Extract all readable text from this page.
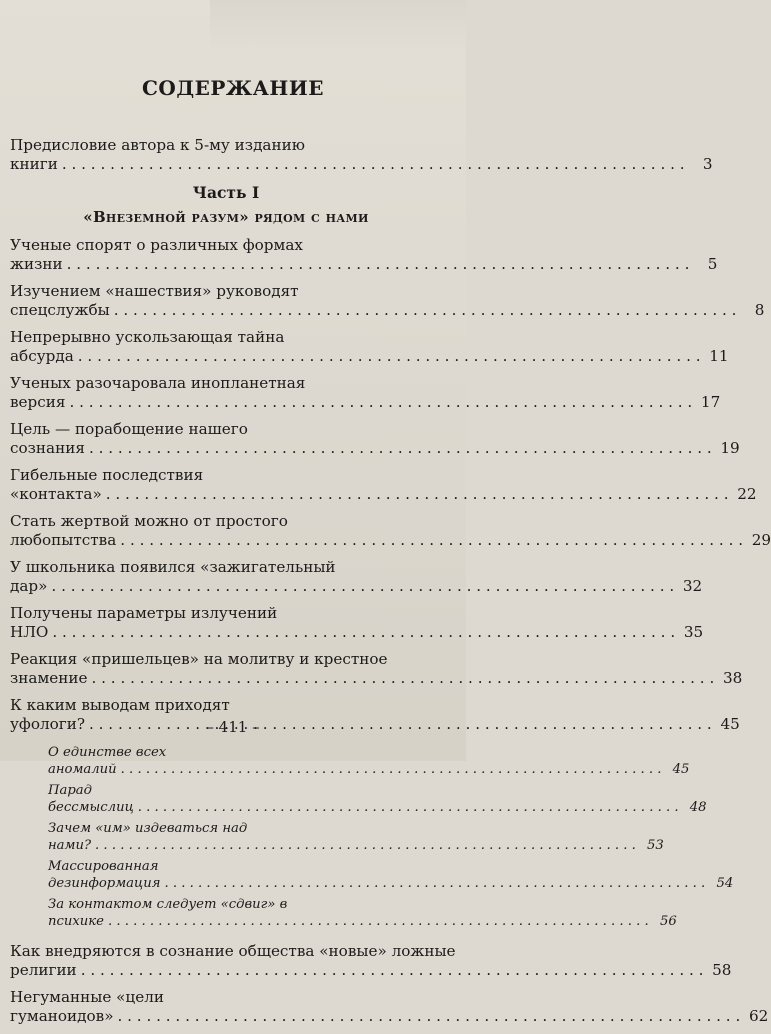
СОДЕРЖАНИЕ
Предисловие автора к 5-му изданию книги . . .	3
Часть I
«Внеземной разум» рядом с нами
Ученые спорят о различных формах жизни . . .	5
Изучением «нашествия» руководят спецслужбы . . .	8
Непрерывно ускользающая тайна абсурда . . .	11
Ученых разочаровала инопланетная версия . . .	17
Цель — порабощение нашего сознания . . .	19
Гибельные последствия «контакта» . . .	22
Стать жертвой можно от простого любопытства . . .	29
У школьника появился «зажигательный дар» . . .	32
Получены параметры излучений НЛО . . .	35
Реакция «пришельцев» на молитву и крестное знамение . . .	38
К каким выводам приходят уфологи? . . .	45
О единстве всех аномалий . . .	45
Парад бессмыслиц . . .	48
Зачем «им» издеваться над нами? . . .	53
Массированная дезинформация . . .	54
За контактом следует «сдвиг» в психике . . .	56
Как внедряются в сознание общества «новые» ложные религии . . .	58
Негуманные «цели гуманоидов» . . .	62
– 411 –
